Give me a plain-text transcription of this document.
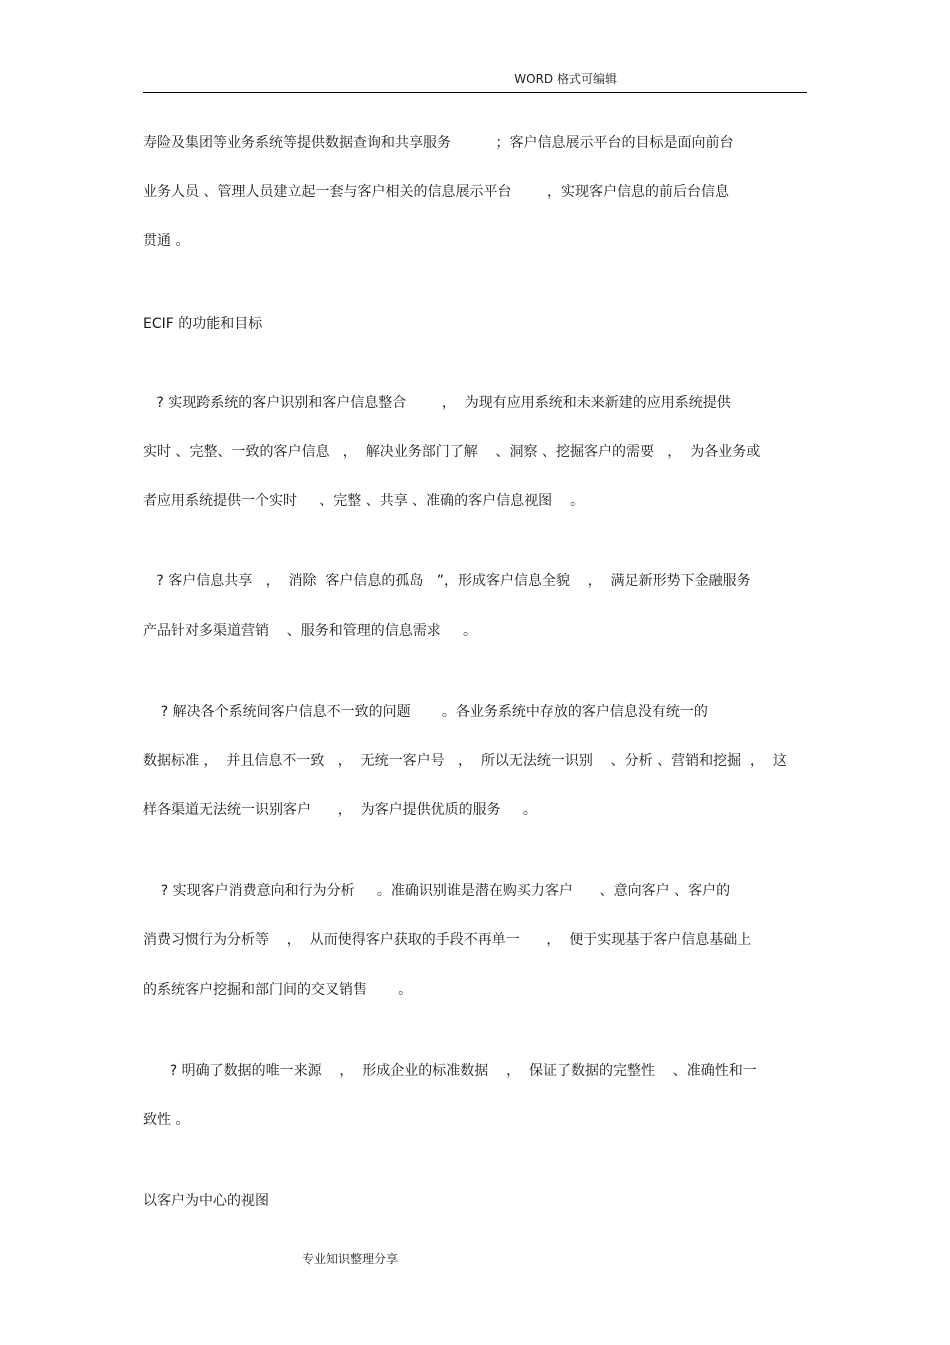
WORD 格式可编辑
寿险及集团等业务系统等提供数据查询和共享服务          ；客户信息展示平台的目标是面向前台
业务人员 、管理人员建立起一套与客户相关的信息展示平台        ，实现客户信息的前后台信息
贯通 。
ECIF 的功能和目标
? 实现跨系统的客户识别和客户信息整合        ，  为现有应用系统和未来新建的应用系统提供
实时 、完整、一致的客户信息   ，  解决业务部门了解    、洞察 、挖掘客户的需要   ，  为各业务或
者应用系统提供一个实时     、完整 、共享 、准确的客户信息视图    。
? 客户信息共享   ，  消除  客户信息的孤岛   ”，形成客户信息全貌    ，  满足新形势下金融服务
产品针对多渠道营销    、服务和管理的信息需求     。
? 解决各个系统间客户信息不一致的问题       。各业务系统中存放的客户信息没有统一的
数据标准 ，  并且信息不一致   ，  无统一客户号   ，  所以无法统一识别    、分析 、营销和挖掘  ，  这
样各渠道无法统一识别客户      ，  为客户提供优质的服务     。
? 实现客户消费意向和行为分析     。准确识别谁是潜在购买力客户      、意向客户 、客户的
消费习惯行为分析等    ，  从而使得客户获取的手段不再单一      ，  便于实现基于客户信息基础上
的系统客户挖掘和部门间的交叉销售       。
? 明确了数据的唯一来源    ，  形成企业的标准数据    ，  保证了数据的完整性    、准确性和一
致性 。
以客户为中心的视图
专业知识整理分享
